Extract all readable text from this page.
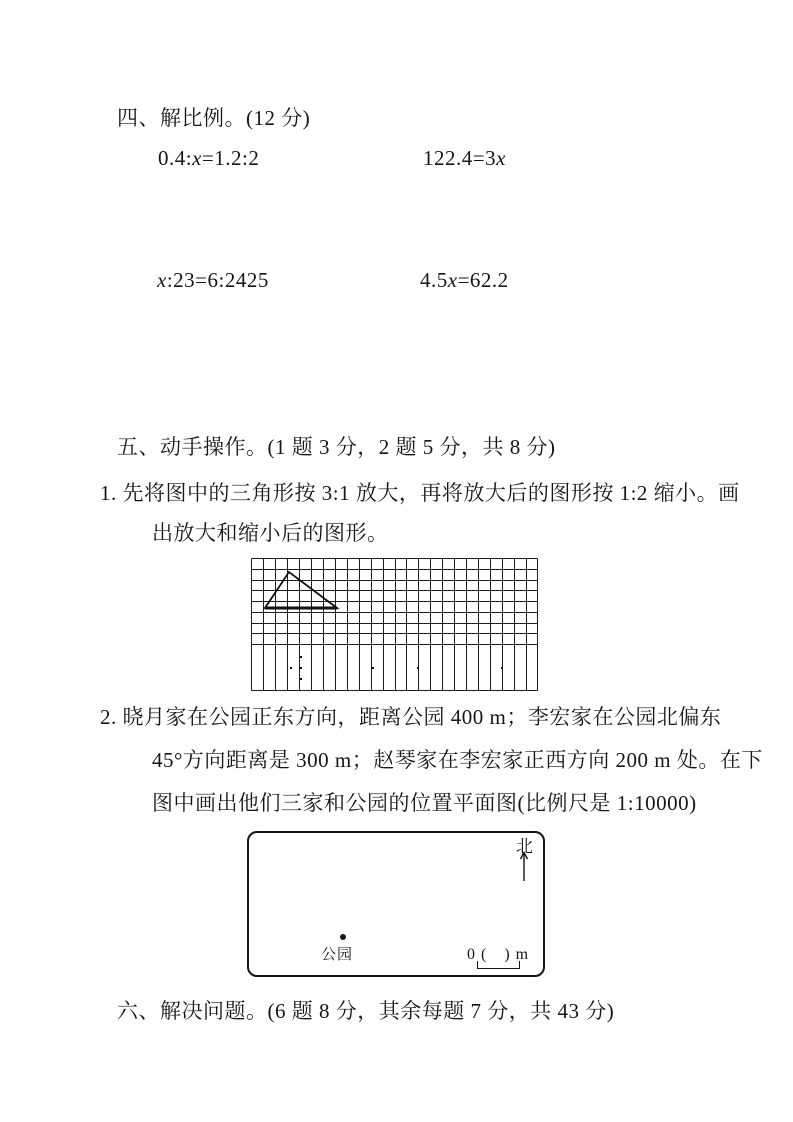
四、解比例。(12 分)
0.4:x=1.2:2	122.4=3x
x:23=6:2425	4.5x=62.2
五、动手操作。(1 题 3 分，2 题 5 分，共 8 分)
1. 先将图中的三角形按 3:1 放大，再将放大后的图形按 1:2 缩小。画
出放大和缩小后的图形。
2. 晓月家在公园正东方向，距离公园 400 m；李宏家在公园北偏东
45°方向距离是 300 m；赵琴家在李宏家正西方向 200 m 处。在下
图中画出他们三家和公园的位置平面图(比例尺是 1:10000)
北
公园	0 (　) m
六、解决问题。(6 题 8 分，其余每题 7 分，共 43 分)
